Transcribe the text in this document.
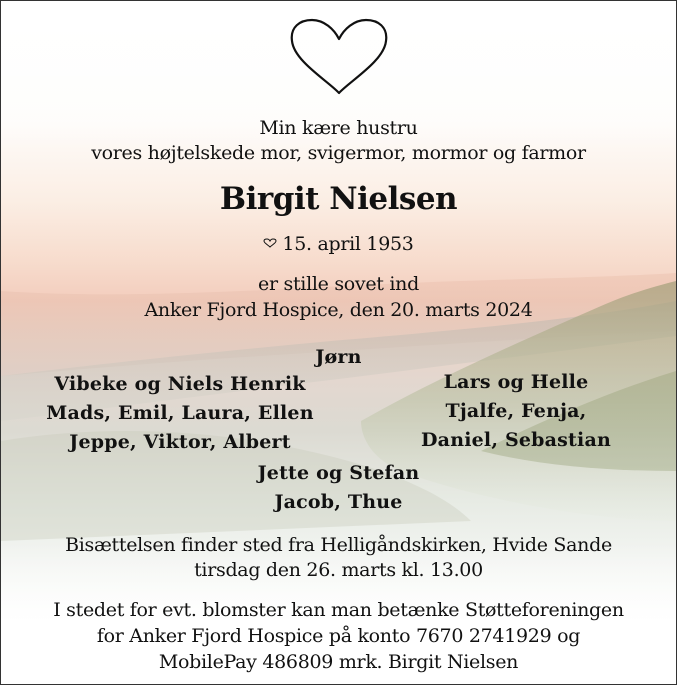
Min kære hustru
vores højtelskede mor, svigermor, mormor og farmor
Birgit Nielsen
15. april 1953
er stille sovet ind
Anker Fjord Hospice, den 20. marts 2024
Jørn
Vibeke og Niels Henrik
Mads, Emil, Laura, Ellen
Jeppe, Viktor, Albert
Lars og Helle
Tjalfe, Fenja,
Daniel, Sebastian
Jette og Stefan
Jacob, Thue
Bisættelsen finder sted fra Helligåndskirken, Hvide Sande
tirsdag den 26. marts kl. 13.00
I stedet for evt. blomster kan man betænke Støtteforeningen
for Anker Fjord Hospice på konto 7670 2741929 og
MobilePay 486809 mrk. Birgit Nielsen
